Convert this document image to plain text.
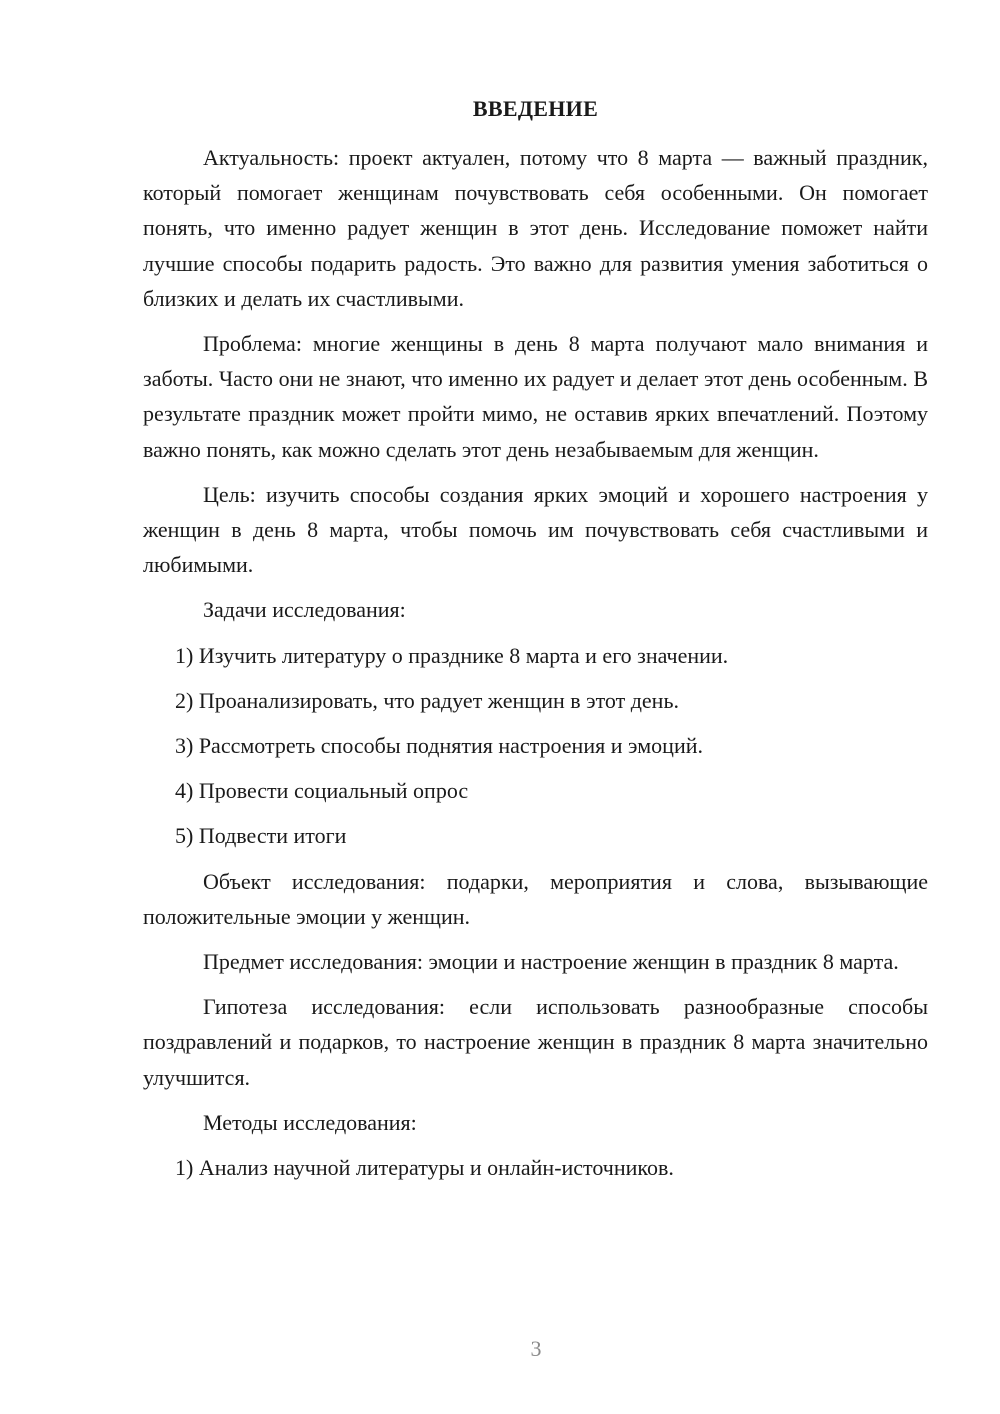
ВВЕДЕНИЕ

Актуальность: проект актуален, потому что 8 марта — важный праздник, который помогает женщинам почувствовать себя особенными. Он помогает понять, что именно радует женщин в этот день. Исследование поможет найти лучшие способы подарить радость. Это важно для развития умения заботиться о близких и делать их счастливыми.

Проблема: многие женщины в день 8 марта получают мало внимания и заботы. Часто они не знают, что именно их радует и делает этот день особенным. В результате праздник может пройти мимо, не оставив ярких впечатлений. Поэтому важно понять, как можно сделать этот день незабываемым для женщин.

Цель: изучить способы создания ярких эмоций и хорошего настроения у женщин в день 8 марта, чтобы помочь им почувствовать себя счастливыми и любимыми.

Задачи исследования:

1) Изучить литературу о празднике 8 марта и его значении.

2) Проанализировать, что радует женщин в этот день.

3) Рассмотреть способы поднятия настроения и эмоций.

4) Провести социальный опрос

5) Подвести итоги

Объект исследования: подарки, мероприятия и слова, вызывающие положительные эмоции у женщин.

Предмет исследования: эмоции и настроение женщин в праздник 8 марта.

Гипотеза исследования: если использовать разнообразные способы поздравлений и подарков, то настроение женщин в праздник 8 марта значительно улучшится.

Методы исследования:

1) Анализ научной литературы и онлайн-источников.

3
